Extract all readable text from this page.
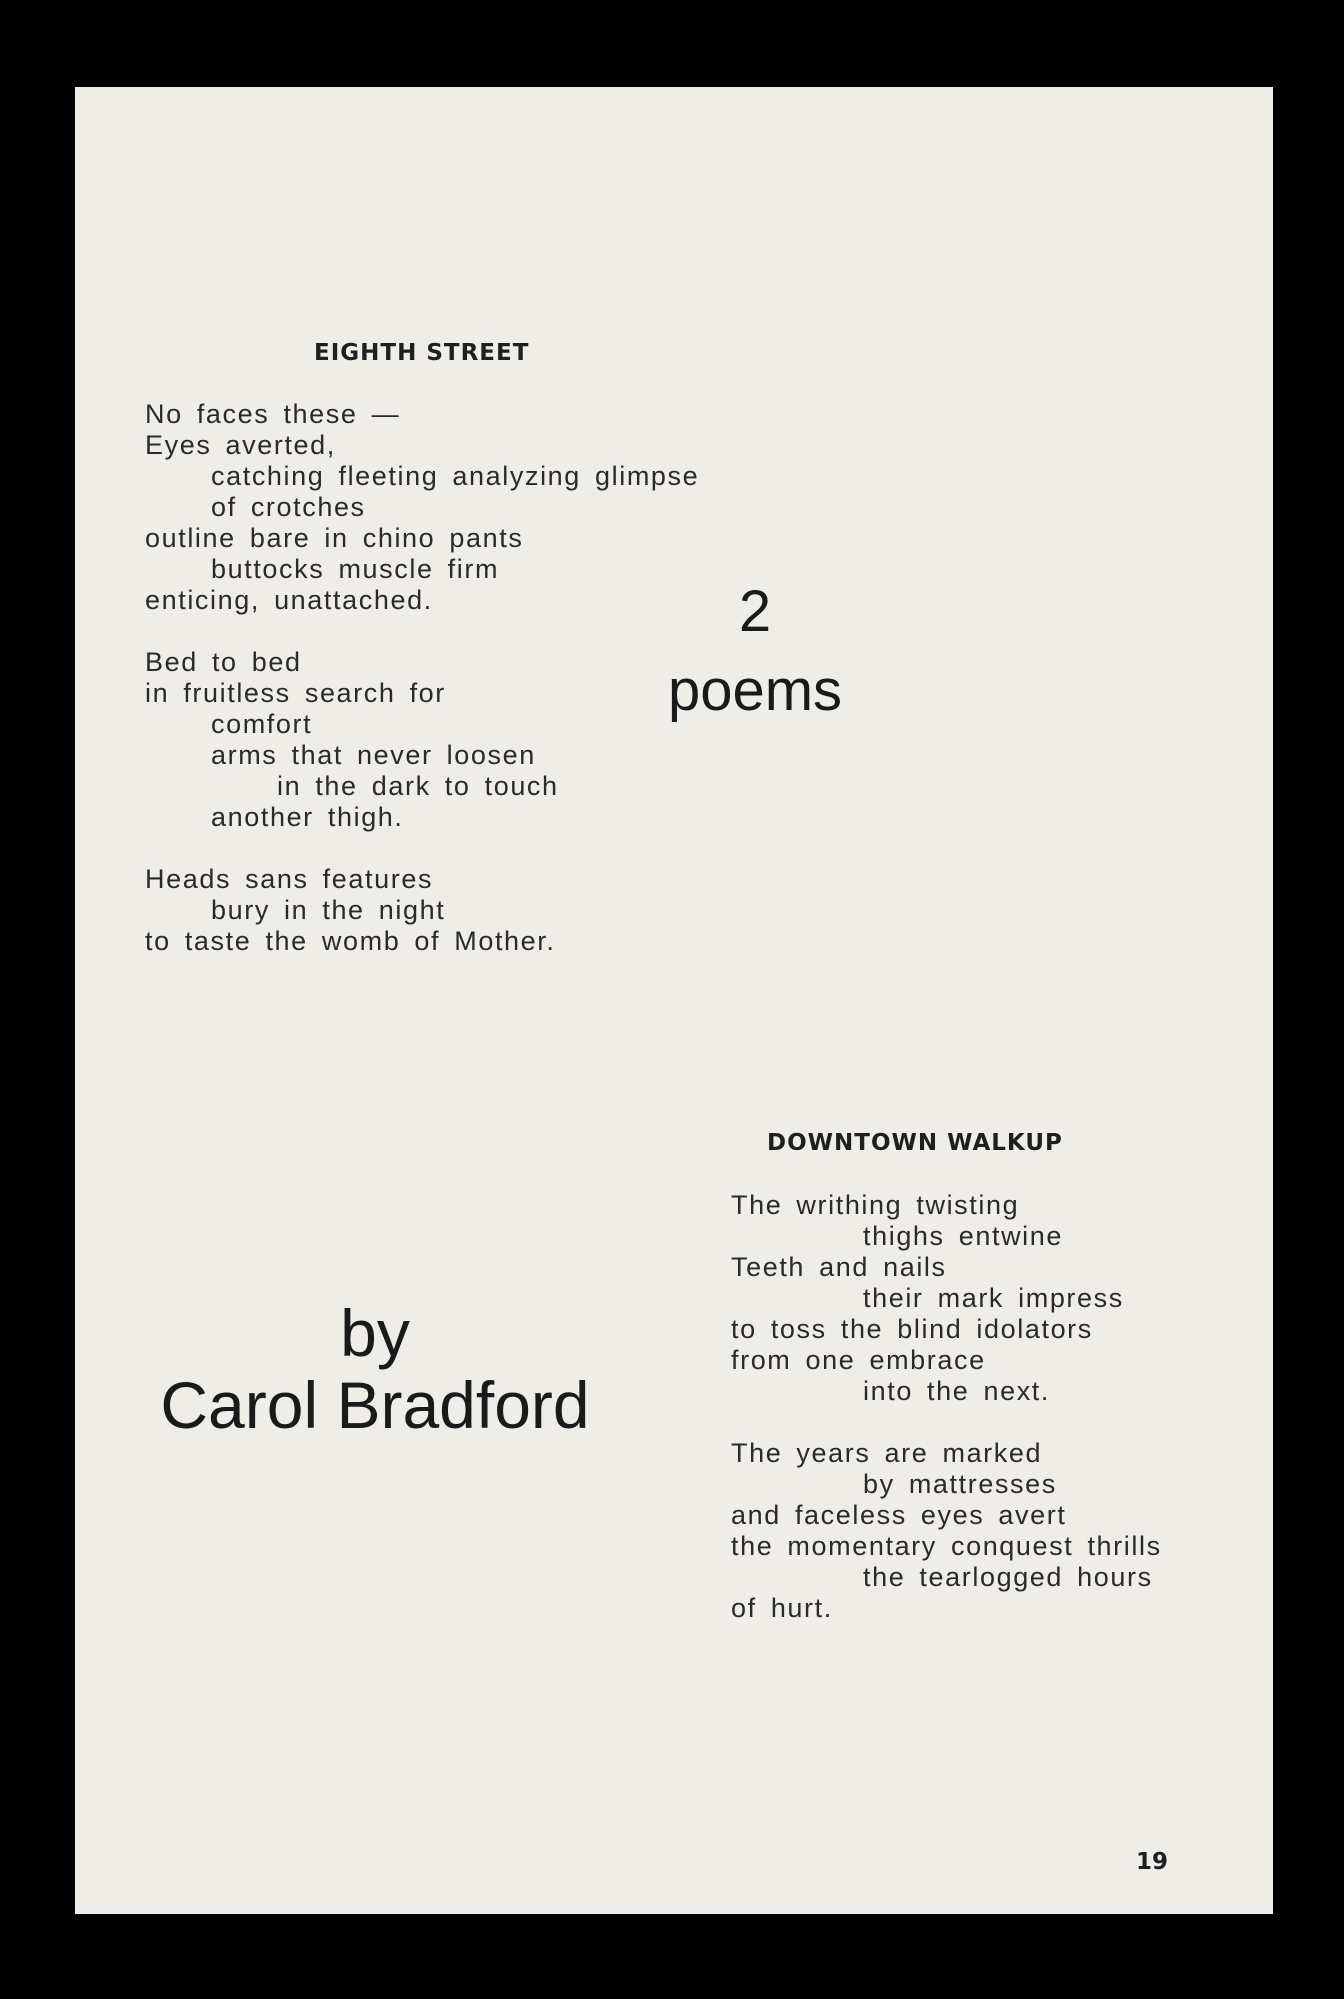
EIGHTH STREET
No faces these —
Eyes averted,
catching fleeting analyzing glimpse
of crotches
outline bare in chino pants
buttocks muscle firm
enticing, unattached.
Bed to bed
in fruitless search for
comfort
arms that never loosen
in the dark to touch
another thigh.
Heads sans features
bury in the night
to taste the womb of Mother.
2
poems
by
Carol Bradford
DOWNTOWN WALKUP
The writhing twisting
thighs entwine
Teeth and nails
their mark impress
to toss the blind idolators
from one embrace
into the next.
The years are marked
by mattresses
and faceless eyes avert
the momentary conquest thrills
the tearlogged hours
of hurt.
19
